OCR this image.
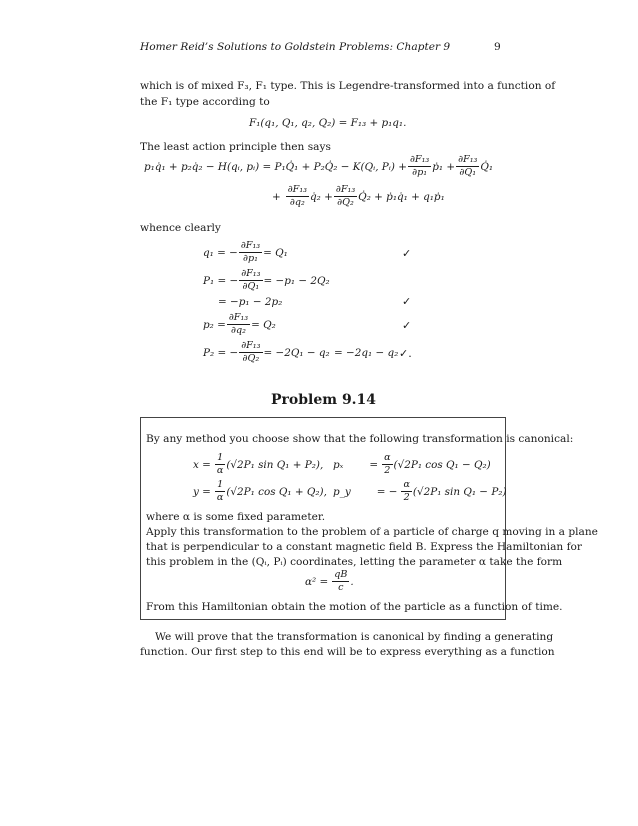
Homer Reid’s Solutions to Goldstein Problems: Chapter 9	9
which is of mixed F₃, F₁ type. This is Legendre-transformed into a function of
the F₁ type according to
F₁(q₁, Q₁, q₂, Q₂) = F₁₃ + p₁q₁.
The least action principle then says
p₁q̇₁ + p₂q̇₂ − H(qᵢ, pᵢ) = P₁Q̇₁ + P₂Q̇₂ − K(Qᵢ, Pᵢ) + $\frac{\text{∂F₁₃}}{\text{∂p₁}}$ ṗ₁ + $\frac{\text{∂F₁₃}}{\text{∂Q₁}}$ Q̇₁
+ $\frac{\text{∂F₁₃}}{\text{∂q₂}}$ q̇₂ + $\frac{\text{∂F₁₃}}{\text{∂Q₂}}$ Q̇₂ + ṗ₁q̇₁ + q₁ṗ₁
whence clearly
q₁ = − $\frac{\text{∂F₁₃}}{\text{∂p₁}} = Q_1$	✓
P₁ = − $\frac{\text{∂F₁₃}}{\text{∂Q₁}} = -p_1 - 2Q_2$
= −p₁ − 2p₂	✓
$p_2 = \frac{\text{∂F₁₃}}{\text{∂q₂}} = Q_2$	✓
P₂ = − $\frac{\text{∂F₁₃}}{\text{∂Q₂}} = -2Q_1 - q_2 = -2q_1 - q_2$ ✓.
Problem 9.14
By any method you choose show that the following transformation is canonical:
$x = \frac{1}{\alpha} (√2P_1$ sin Q₁ + P₂), pₓ	= $\frac{\alpha}{2} (√2P_1$ cos Q₁ − Q₂)
$y = \frac{1}{\alpha} (√2P_1$ cos Q₁ + Q₂), p_y	= − $\frac{\alpha}{2} (√2P_1$ sin Q₁ − P₂)
where α is some fixed parameter.
Apply this transformation to the problem of a particle of charge q moving in a plane
that is perpendicular to a constant magnetic field B. Express the Hamiltonian for
this problem in the (Qᵢ, Pᵢ) coordinates, letting the parameter α take the form
$\alpha^2 = \frac{qB}{c}$ .
From this Hamiltonian obtain the motion of the particle as a function of time.
We will prove that the transformation is canonical by finding a generating
function. Our first step to this end will be to express everything as a function
